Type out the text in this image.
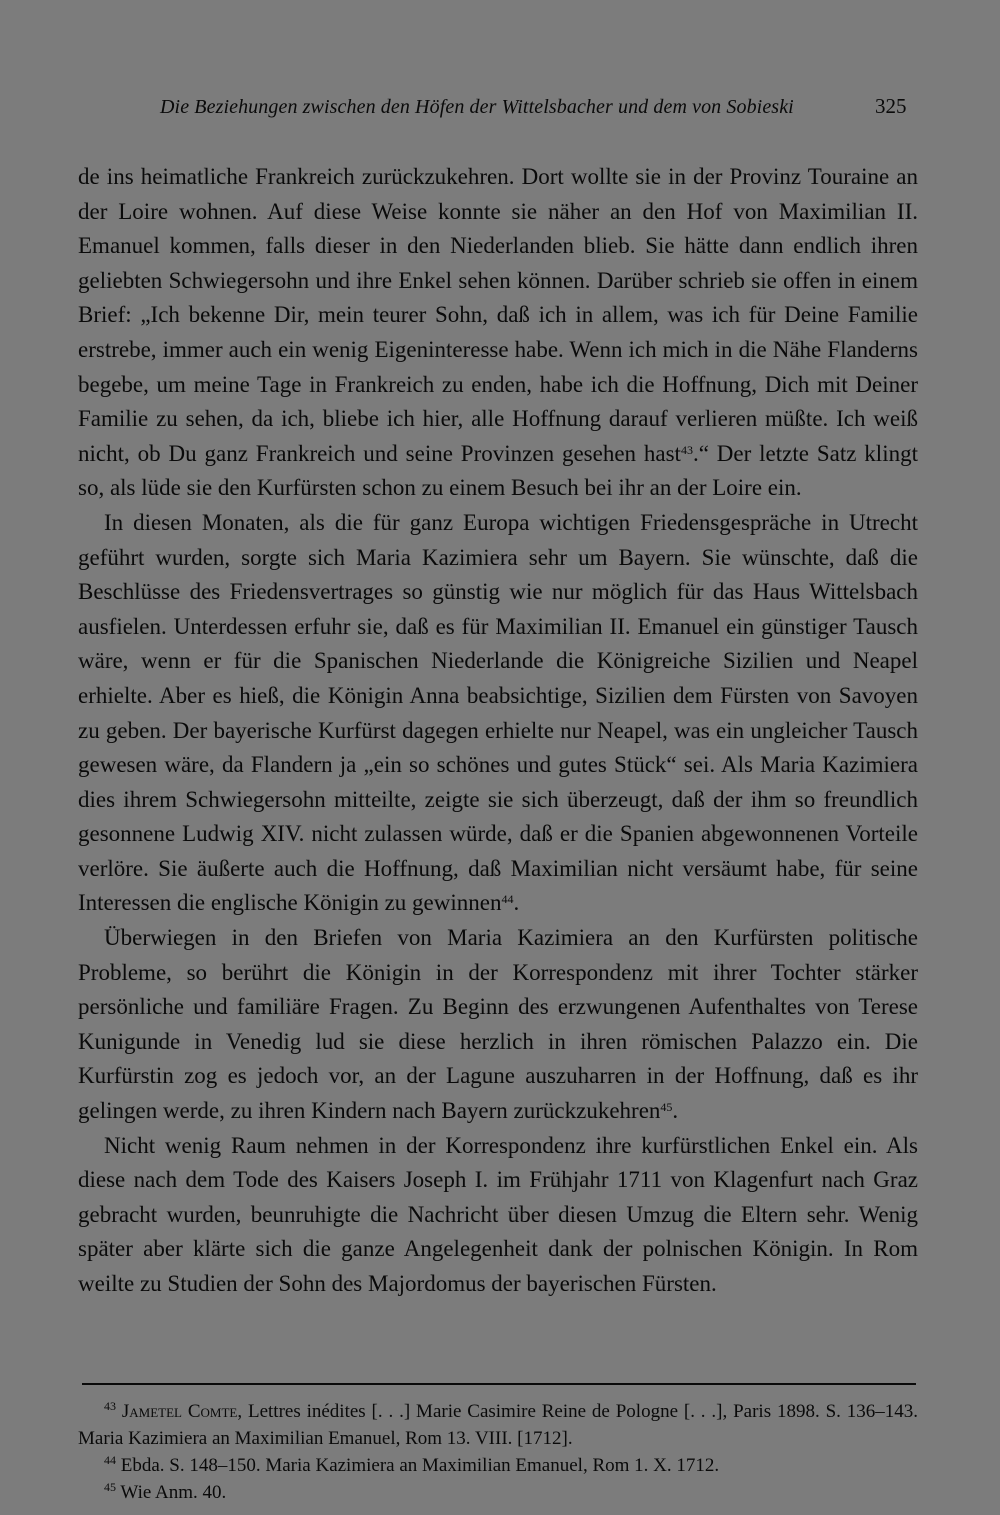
Die Beziehungen zwischen den Höfen der Wittelsbacher und dem von Sobieski	325

de ins heimatliche Frankreich zurückzukehren. Dort wollte sie in der Provinz Touraine an der Loire wohnen. Auf diese Weise konnte sie näher an den Hof von Maximilian II. Emanuel kommen, falls dieser in den Niederlanden blieb. Sie hätte dann endlich ihren geliebten Schwiegersohn und ihre Enkel sehen können. Darüber schrieb sie offen in einem Brief: „Ich bekenne Dir, mein teurer Sohn, daß ich in allem, was ich für Deine Familie erstrebe, immer auch ein wenig Eigeninteresse habe. Wenn ich mich in die Nähe Flanderns begebe, um meine Tage in Frankreich zu enden, habe ich die Hoffnung, Dich mit Deiner Familie zu sehen, da ich, bliebe ich hier, alle Hoffnung darauf verlieren müßte. Ich weiß nicht, ob Du ganz Frankreich und seine Provinzen gesehen hast$^{43}$.“ Der letzte Satz klingt so, als lüde sie den Kurfürsten schon zu einem Besuch bei ihr an der Loire ein.

In diesen Monaten, als die für ganz Europa wichtigen Friedensgespräche in Utrecht geführt wurden, sorgte sich Maria Kazimiera sehr um Bayern. Sie wünschte, daß die Beschlüsse des Friedensvertrages so günstig wie nur möglich für das Haus Wittelsbach ausfielen. Unterdessen erfuhr sie, daß es für Maximilian II. Emanuel ein günstiger Tausch wäre, wenn er für die Spanischen Niederlande die Königreiche Sizilien und Neapel erhielte. Aber es hieß, die Königin Anna beabsichtige, Sizilien dem Fürsten von Savoyen zu geben. Der bayerische Kurfürst dagegen erhielte nur Neapel, was ein ungleicher Tausch gewesen wäre, da Flandern ja „ein so schönes und gutes Stück“ sei. Als Maria Kazimiera dies ihrem Schwiegersohn mitteilte, zeigte sie sich überzeugt, daß der ihm so freundlich gesonnene Ludwig XIV. nicht zulassen würde, daß er die Spanien abgewonnenen Vorteile verlöre. Sie äußerte auch die Hoffnung, daß Maximilian nicht versäumt habe, für seine Interessen die englische Königin zu gewinnen$^{44}$.

Überwiegen in den Briefen von Maria Kazimiera an den Kurfürsten politische Probleme, so berührt die Königin in der Korrespondenz mit ihrer Tochter stärker persönliche und familiäre Fragen. Zu Beginn des erzwungenen Aufenthaltes von Terese Kunigunde in Venedig lud sie diese herzlich in ihren römischen Palazzo ein. Die Kurfürstin zog es jedoch vor, an der Lagune auszuharren in der Hoffnung, daß es ihr gelingen werde, zu ihren Kindern nach Bayern zurückzukehren$^{45}$.

Nicht wenig Raum nehmen in der Korrespondenz ihre kurfürstlichen Enkel ein. Als diese nach dem Tode des Kaisers Joseph I. im Frühjahr 1711 von Klagenfurt nach Graz gebracht wurden, beunruhigte die Nachricht über diesen Umzug die Eltern sehr. Wenig später aber klärte sich die ganze Angelegenheit dank der polnischen Königin. In Rom weilte zu Studien der Sohn des Majordomus der bayerischen Fürsten.

$^{43}$ Jametel Comte, Lettres inédites [. . .] Marie Casimire Reine de Pologne [. . .], Paris 1898. S. 136–143. Maria Kazimiera an Maximilian Emanuel, Rom 13. VIII. [1712].

$^{44}$ Ebda. S. 148–150. Maria Kazimiera an Maximilian Emanuel, Rom 1. X. 1712.

$^{45}$ Wie Anm. 40.
